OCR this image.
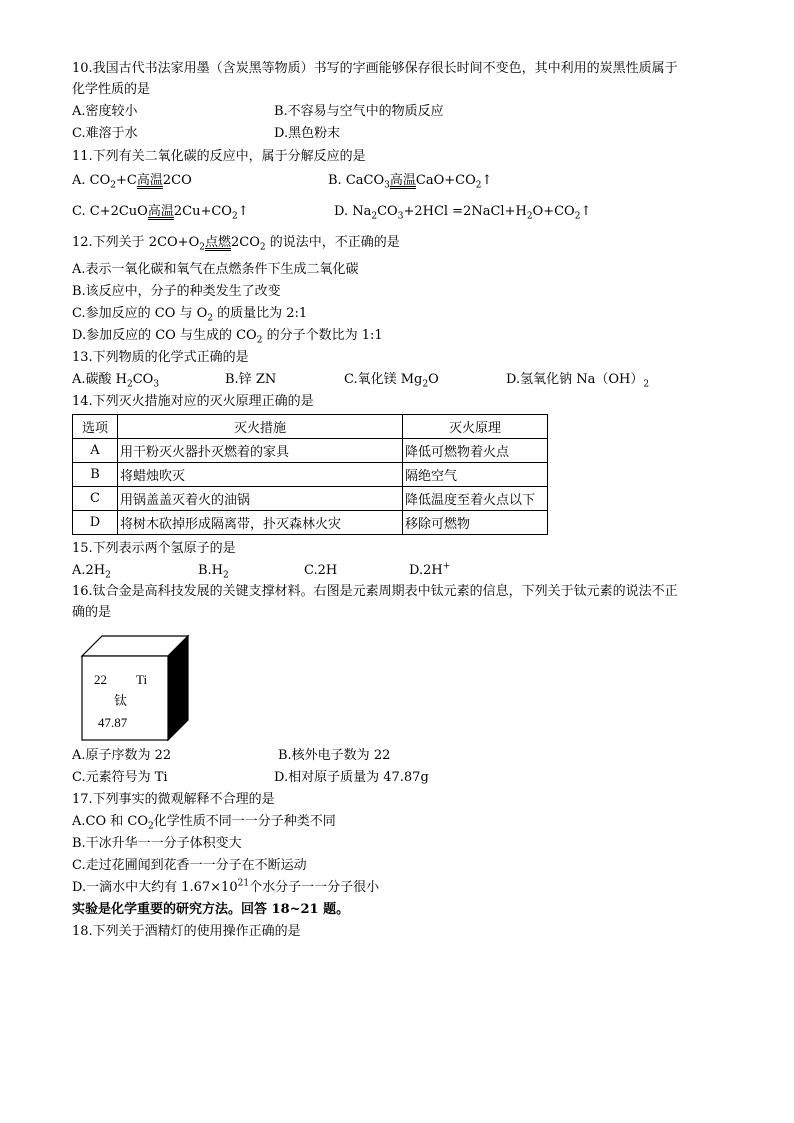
10.我国古代书法家用墨（含炭黑等物质）书写的字画能够保存很长时间不变色，其中利用的炭黑性质属于
化学性质的是
A.密度较小	B.不容易与空气中的物质反应
C.难溶于水	D.黑色粉末
11.下列有关二氧化碳的反应中，属于分解反应的是
A. $CO_2+C$高温2CO	B. CaCO$_3$高温$CaO+CO_2↑$
C. C+2CuO高温$2Cu+CO_2↑$	D. $Na_2CO_3+2HCl$ $=2NaCl+H_2O+CO_2↑$
12.下列关于 $2CO+O_2$点燃$2CO_2$ 的说法中，不正确的是
A.表示一氧化碳和氧气在点燃条件下生成二氧化碳
B.该反应中，分子的种类发生了改变
C.参加反应的 CO 与 $O_2$ 的质量比为 2:1
D.参加反应的 CO 与生成的 $CO_2$ 的分子个数比为 1:1
13.下列物质的化学式正确的是
A.碳酸 $H_2CO_3$	B.锌 ZN	C.氧化镁 $Mg_2O$	D.氢氧化钠 $Na(OH)_2$
14.下列灭火措施对应的灭火原理正确的是
选项	灭火措施	灭火原理
A	用干粉灭火器扑灭燃着的家具	降低可燃物着火点
B	将蜡烛吹灭	隔绝空气
C	用锅盖盖灭着火的油锅	降低温度至着火点以下
D	将树木砍掉形成隔离带，扑灭森林火灾	移除可燃物
15.下列表示两个氢原子的是
$A.2H_2$	$B.H_2$	C.2H	D.2H+
16.钛合金是高科技发展的关键支撑材料。右图是元素周期表中钛元素的信息，下列关于钛元素的说法不正
确的是
22 Ti
钛
47.87
A.原子序数为 22	B.核外电子数为 22
C.元素符号为 Ti	D.相对原子质量为 47.87g
17.下列事实的微观解释不合理的是
A.CO 和 $CO_2$化学性质不同一一分子种类不同
B.干冰升华一一分子体积变大
C.走过花圃闻到花香一一分子在不断运动
D.一滴水中大约有 $1.67\times 10^{21}$个水分子一一分子很小
实验是化学重要的研究方法。回答 18~21 题。
18.下列关于酒精灯的使用操作正确的是
